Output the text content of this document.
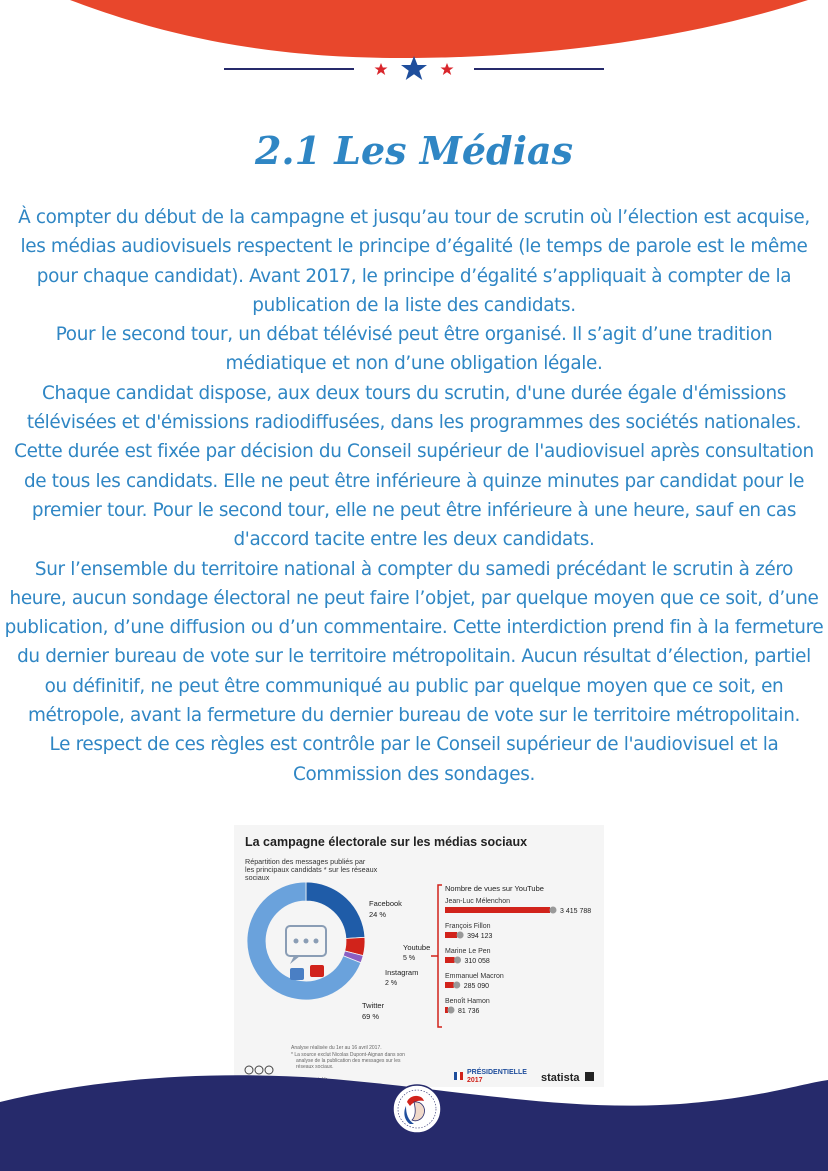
2.1 Les Médias

À compter du début de la campagne et jusqu’au tour de scrutin où l’élection est acquise, les médias audiovisuels respectent le principe d’égalité (le temps de parole est le même pour chaque candidat). Avant 2017, le principe d’égalité s’appliquait à compter de la publication de la liste des candidats.

Pour le second tour, un débat télévisé peut être organisé. Il s’agit d’une tradition médiatique et non d’une obligation légale.

Chaque candidat dispose, aux deux tours du scrutin, d'une durée égale d'émissions télévisées et d'émissions radiodiffusées, dans les programmes des sociétés nationales. Cette durée est fixée par décision du Conseil supérieur de l'audiovisuel après consultation de tous les candidats. Elle ne peut être inférieure à quinze minutes par candidat pour le premier tour. Pour le second tour, elle ne peut être inférieure à une heure, sauf en cas d'accord tacite entre les deux candidats.

Sur l’ensemble du territoire national à compter du samedi précédant le scrutin à zéro heure, aucun sondage électoral ne peut faire l’objet, par quelque moyen que ce soit, d’une publication, d’une diffusion ou d’un commentaire. Cette interdiction prend fin à la fermeture du dernier bureau de vote sur le territoire métropolitain. Aucun résultat d’élection, partiel ou définitif, ne peut être communiqué au public par quelque moyen que ce soit, en métropole, avant la fermeture du dernier bureau de vote sur le territoire métropolitain.

Le respect de ces règles est contrôle par le Conseil supérieur de l'audiovisuel et la Commission des sondages.

La campagne électorale sur les médias sociaux
Répartition des messages publiés par
les principaux candidats * sur les réseaux
sociaux
Facebook
24 %
Youtube
5 %
Instagram
2 %
Twitter
69 %
Nombre de vues sur YouTube
Jean-Luc Mélenchon
3 415 788
François Fillon
394 123
Marine Le Pen
310 058
Emmanuel Macron
285 090
Benoît Hamon
81 736
Analyse réalisée du 1er au 16 avril 2017.
* La source exclut Nicolas Dupont-Aignan dans son
analyse de la publication des messages sur les
réseaux sociaux.
PRÉSIDENTIELLE
2017	statista
